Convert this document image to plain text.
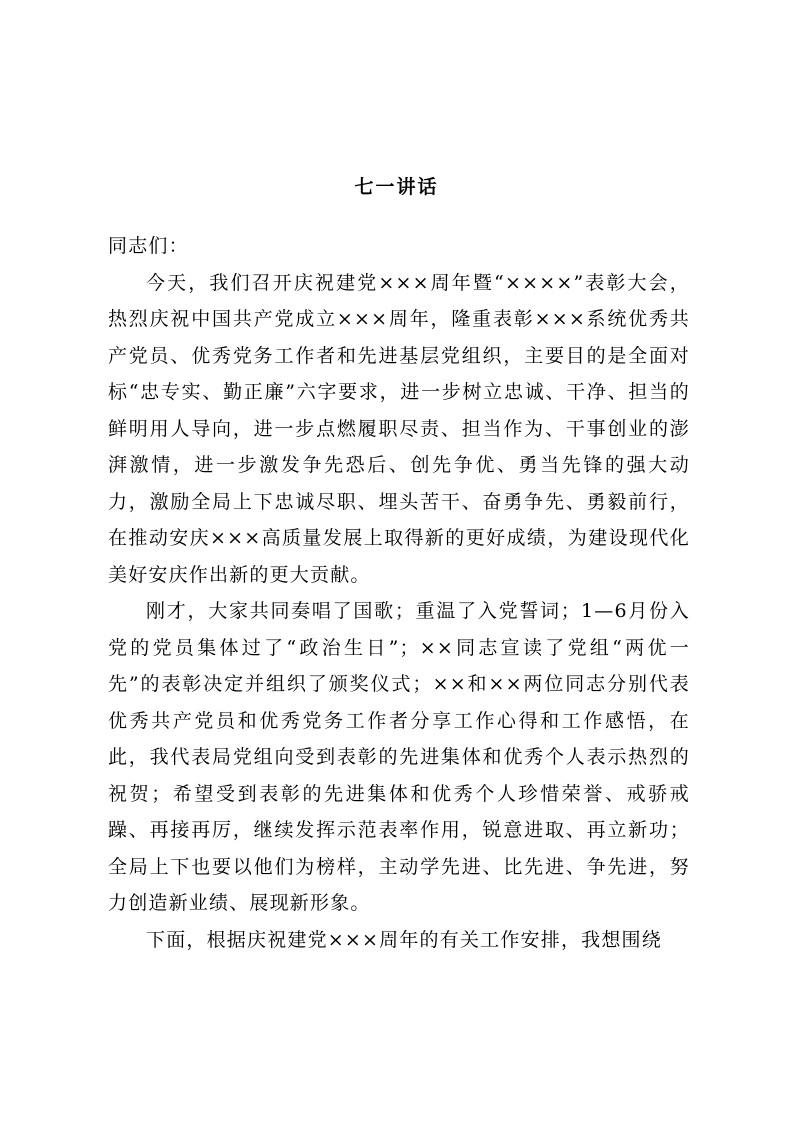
七一讲话

同志们：

今天，我们召开庆祝建党×××周年暨“××××”表彰大会，热烈庆祝中国共产党成立×××周年，隆重表彰×××系统优秀共产党员、优秀党务工作者和先进基层党组织，主要目的是全面对标“忠专实、勤正廉”六字要求，进一步树立忠诚、干净、担当的鲜明用人导向，进一步点燃履职尽责、担当作为、干事创业的澎湃激情，进一步激发争先恐后、创先争优、勇当先锋的强大动力，激励全局上下忠诚尽职、埋头苦干、奋勇争先、勇毅前行，在推动安庆×××高质量发展上取得新的更好成绩，为建设现代化美好安庆作出新的更大贡献。

刚才，大家共同奏唱了国歌；重温了入党誓词；1—6月份入党的党员集体过了“政治生日”；××同志宣读了党组“两优一先”的表彰决定并组织了颁奖仪式；××和××两位同志分别代表优秀共产党员和优秀党务工作者分享工作心得和工作感悟，在此，我代表局党组向受到表彰的先进集体和优秀个人表示热烈的祝贺；希望受到表彰的先进集体和优秀个人珍惜荣誉、戒骄戒躁、再接再厉，继续发挥示范表率作用，锐意进取、再立新功；全局上下也要以他们为榜样，主动学先进、比先进、争先进，努力创造新业绩、展现新形象。

下面，根据庆祝建党×××周年的有关工作安排，我想围绕
